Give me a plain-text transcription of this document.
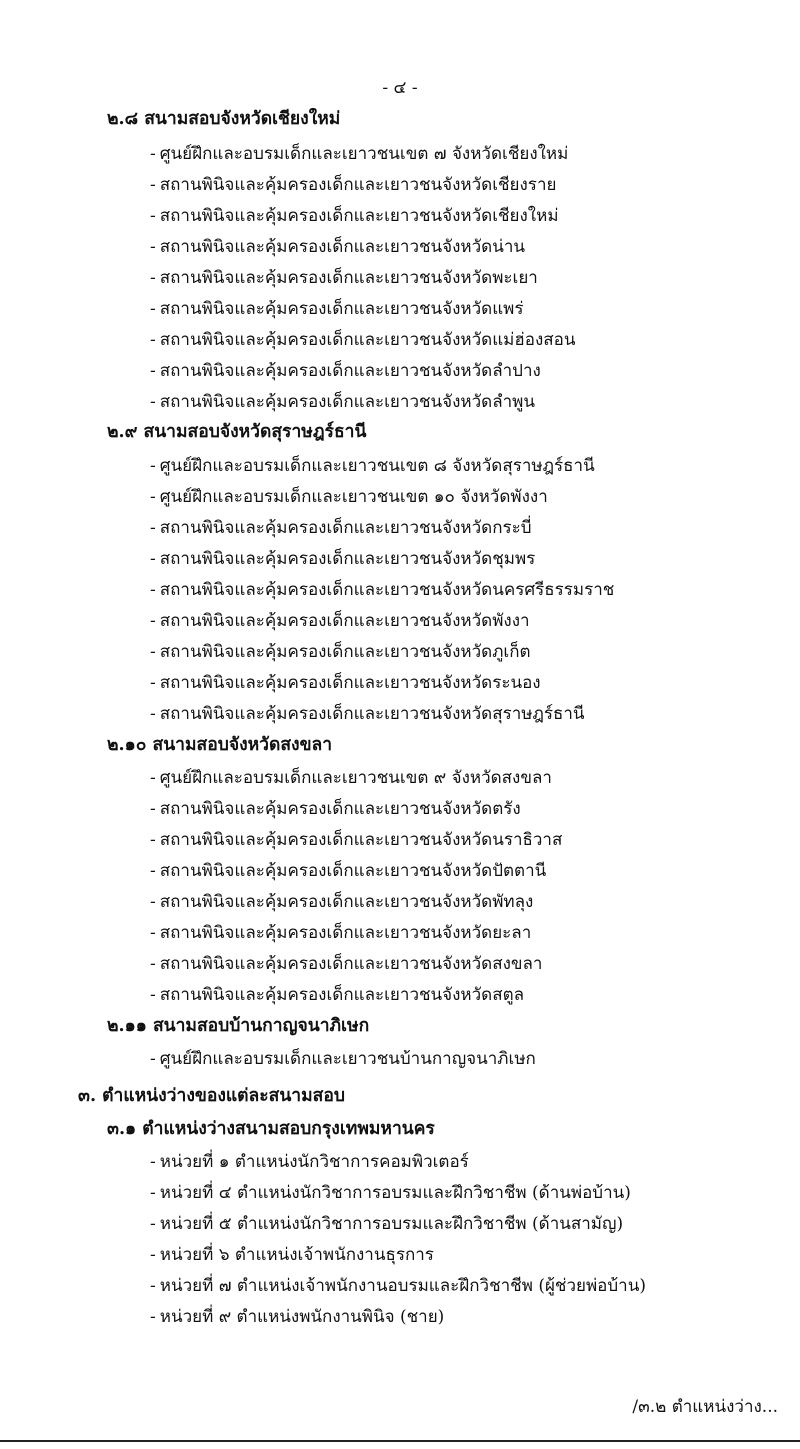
- ๔ -
๒.๘ สนามสอบจังหวัดเชียงใหม่
- ศูนย์ฝึกและอบรมเด็กและเยาวชนเขต ๗ จังหวัดเชียงใหม่
- สถานพินิจและคุ้มครองเด็กและเยาวชนจังหวัดเชียงราย
- สถานพินิจและคุ้มครองเด็กและเยาวชนจังหวัดเชียงใหม่
- สถานพินิจและคุ้มครองเด็กและเยาวชนจังหวัดน่าน
- สถานพินิจและคุ้มครองเด็กและเยาวชนจังหวัดพะเยา
- สถานพินิจและคุ้มครองเด็กและเยาวชนจังหวัดแพร่
- สถานพินิจและคุ้มครองเด็กและเยาวชนจังหวัดแม่ฮ่องสอน
- สถานพินิจและคุ้มครองเด็กและเยาวชนจังหวัดลำปาง
- สถานพินิจและคุ้มครองเด็กและเยาวชนจังหวัดลำพูน
๒.๙ สนามสอบจังหวัดสุราษฎร์ธานี
- ศูนย์ฝึกและอบรมเด็กและเยาวชนเขต ๘ จังหวัดสุราษฎร์ธานี
- ศูนย์ฝึกและอบรมเด็กและเยาวชนเขต ๑๐ จังหวัดพังงา
- สถานพินิจและคุ้มครองเด็กและเยาวชนจังหวัดกระบี่
- สถานพินิจและคุ้มครองเด็กและเยาวชนจังหวัดชุมพร
- สถานพินิจและคุ้มครองเด็กและเยาวชนจังหวัดนครศรีธรรมราช
- สถานพินิจและคุ้มครองเด็กและเยาวชนจังหวัดพังงา
- สถานพินิจและคุ้มครองเด็กและเยาวชนจังหวัดภูเก็ต
- สถานพินิจและคุ้มครองเด็กและเยาวชนจังหวัดระนอง
- สถานพินิจและคุ้มครองเด็กและเยาวชนจังหวัดสุราษฎร์ธานี
๒.๑๐ สนามสอบจังหวัดสงขลา
- ศูนย์ฝึกและอบรมเด็กและเยาวชนเขต ๙ จังหวัดสงขลา
- สถานพินิจและคุ้มครองเด็กและเยาวชนจังหวัดตรัง
- สถานพินิจและคุ้มครองเด็กและเยาวชนจังหวัดนราธิวาส
- สถานพินิจและคุ้มครองเด็กและเยาวชนจังหวัดปัตตานี
- สถานพินิจและคุ้มครองเด็กและเยาวชนจังหวัดพัทลุง
- สถานพินิจและคุ้มครองเด็กและเยาวชนจังหวัดยะลา
- สถานพินิจและคุ้มครองเด็กและเยาวชนจังหวัดสงขลา
- สถานพินิจและคุ้มครองเด็กและเยาวชนจังหวัดสตูล
๒.๑๑ สนามสอบบ้านกาญจนาภิเษก
- ศูนย์ฝึกและอบรมเด็กและเยาวชนบ้านกาญจนาภิเษก
๓. ตำแหน่งว่างของแต่ละสนามสอบ
๓.๑ ตำแหน่งว่างสนามสอบกรุงเทพมหานคร
- หน่วยที่ ๑ ตำแหน่งนักวิชาการคอมพิวเตอร์
- หน่วยที่ ๔ ตำแหน่งนักวิชาการอบรมและฝึกวิชาชีพ (ด้านพ่อบ้าน)
- หน่วยที่ ๕ ตำแหน่งนักวิชาการอบรมและฝึกวิชาชีพ (ด้านสามัญ)
- หน่วยที่ ๖ ตำแหน่งเจ้าพนักงานธุรการ
- หน่วยที่ ๗ ตำแหน่งเจ้าพนักงานอบรมและฝึกวิชาชีพ (ผู้ช่วยพ่อบ้าน)
- หน่วยที่ ๙ ตำแหน่งพนักงานพินิจ (ชาย)
/๓.๒ ตำแหน่งว่าง...
